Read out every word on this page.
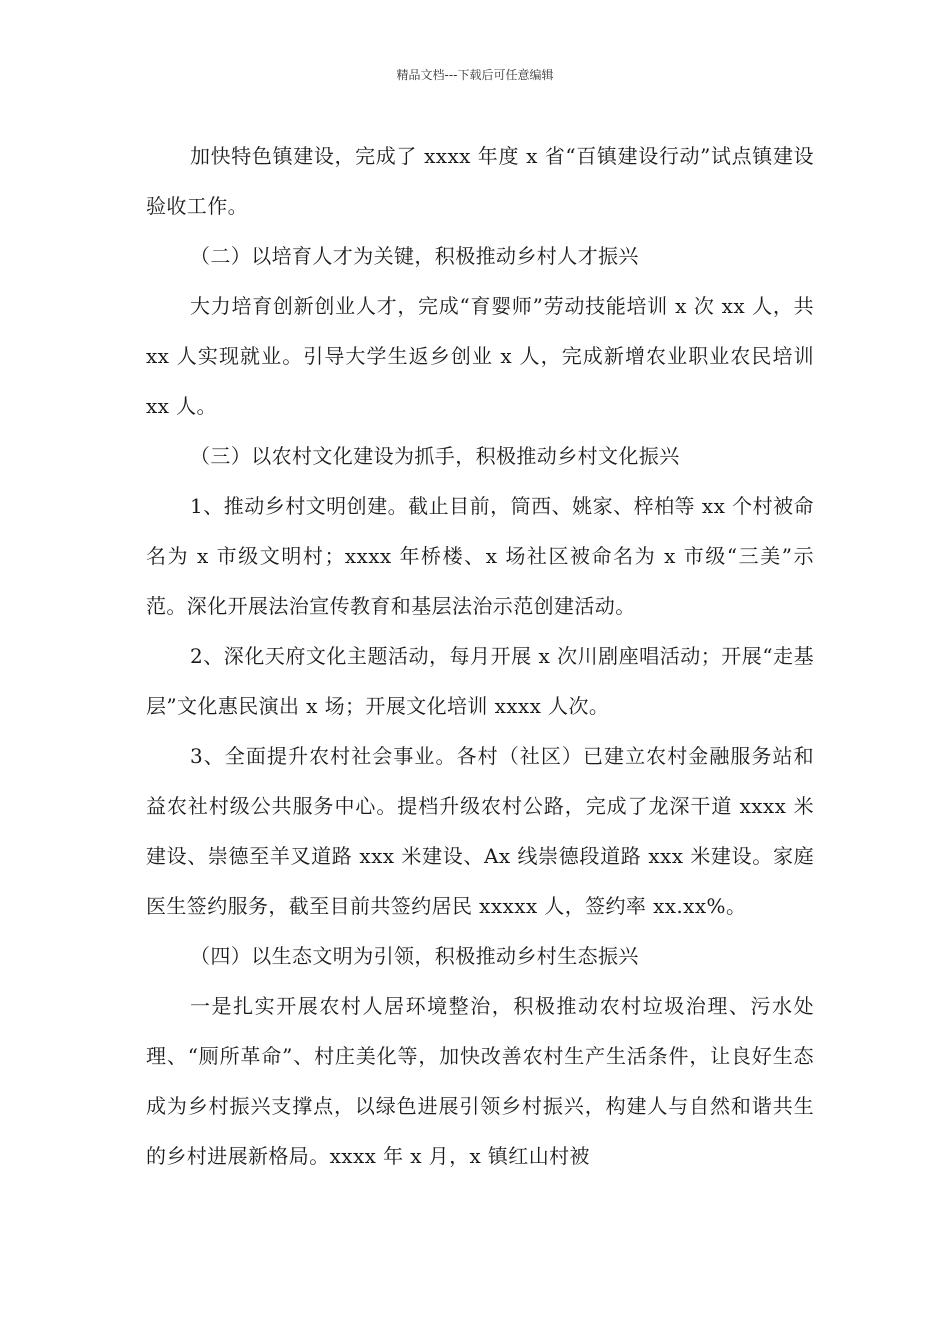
精品文档---下载后可任意编辑

加快特色镇建设，完成了 xxxx 年度 x 省“百镇建设行动”试点镇建设验收工作。

（二）以培育人才为关键，积极推动乡村人才振兴

大力培育创新创业人才，完成“育婴师”劳动技能培训 x 次 xx 人，共 xx 人实现就业。引导大学生返乡创业 x 人，完成新增农业职业农民培训 xx 人。

（三）以农村文化建设为抓手，积极推动乡村文化振兴

1、推动乡村文明创建。截止目前，筒西、姚家、梓柏等 xx 个村被命名为 x 市级文明村；xxxx 年桥楼、x 场社区被命名为 x 市级“三美”示范。深化开展法治宣传教育和基层法治示范创建活动。

2、深化天府文化主题活动，每月开展 x 次川剧座唱活动；开展“走基层”文化惠民演出 x 场；开展文化培训 xxxx 人次。

3、全面提升农村社会事业。各村（社区）已建立农村金融服务站和益农社村级公共服务中心。提档升级农村公路，完成了龙深干道 xxxx 米建设、崇德至羊叉道路 xxx 米建设、Ax 线崇德段道路 xxx 米建设。家庭医生签约服务，截至目前共签约居民 xxxxx 人，签约率 xx.xx%。

（四）以生态文明为引领，积极推动乡村生态振兴

一是扎实开展农村人居环境整治，积极推动农村垃圾治理、污水处理、“厕所革命”、村庄美化等，加快改善农村生产生活条件，让良好生态成为乡村振兴支撑点，以绿色进展引领乡村振兴，构建人与自然和谐共生的乡村进展新格局。xxxx 年 x 月，x 镇红山村被
